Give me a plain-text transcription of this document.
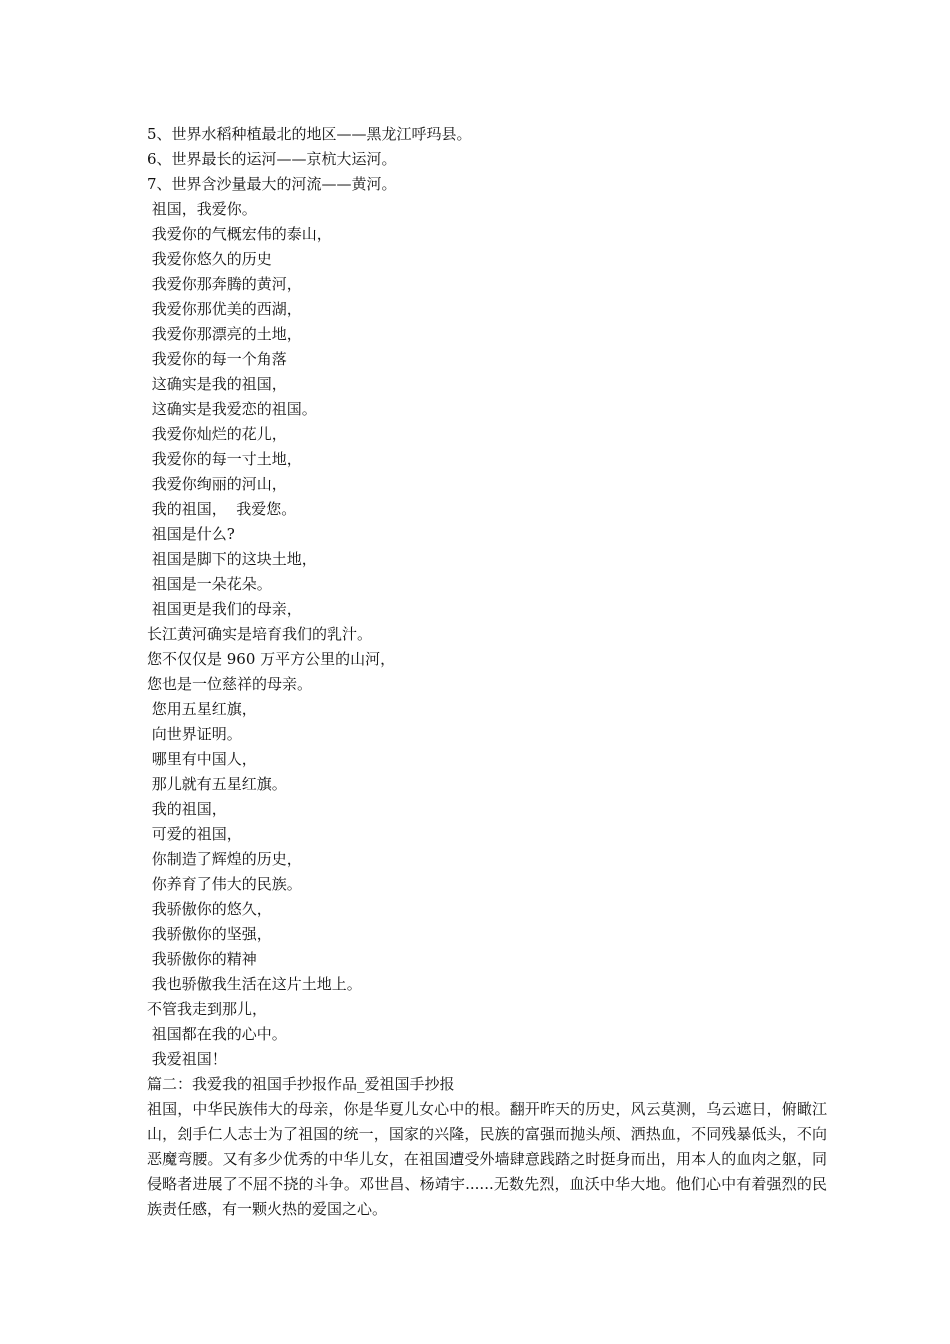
5、世界水稻种植最北的地区——黑龙江呼玛县。
6、世界最长的运河——京杭大运河。
7、世界含沙量最大的河流——黄河。
祖国，我爱你。
我爱你的气概宏伟的泰山，
我爱你悠久的历史
我爱你那奔腾的黄河，
我爱你那优美的西湖，
我爱你那漂亮的土地，
我爱你的每一个角落
这确实是我的祖国，
这确实是我爱恋的祖国。
我爱你灿烂的花儿，
我爱你的每一寸土地，
我爱你绚丽的河山，
我的祖国，  我爱您。
祖国是什么?
祖国是脚下的这块土地，
祖国是一朵花朵。
祖国更是我们的母亲，
长江黄河确实是培育我们的乳汁。
您不仅仅是 960 万平方公里的山河，
您也是一位慈祥的母亲。
您用五星红旗，
向世界证明。
哪里有中国人，
那儿就有五星红旗。
我的祖国，
可爱的祖国，
你制造了辉煌的历史，
你养育了伟大的民族。
我骄傲你的悠久，
我骄傲你的坚强，
我骄傲你的精神
我也骄傲我生活在这片土地上。
不管我走到那儿，
祖国都在我的心中。
我爱祖国！
篇二：我爱我的祖国手抄报作品_爱祖国手抄报

祖国，中华民族伟大的母亲，你是华夏儿女心中的根。翻开昨天的历史，风云莫测，乌云遮日，俯瞰江山，刽手仁人志士为了祖国的统一，国家的兴隆，民族的富强而抛头颅、洒热血，不同残暴低头，不向恶魔弯腰。又有多少优秀的中华儿女，在祖国遭受外墙肆意践踏之时挺身而出，用本人的血肉之躯，同侵略者进展了不屈不挠的斗争。邓世昌、杨靖宇......无数先烈，血沃中华大地。他们心中有着强烈的民族责任感，有一颗火热的爱国之心。
